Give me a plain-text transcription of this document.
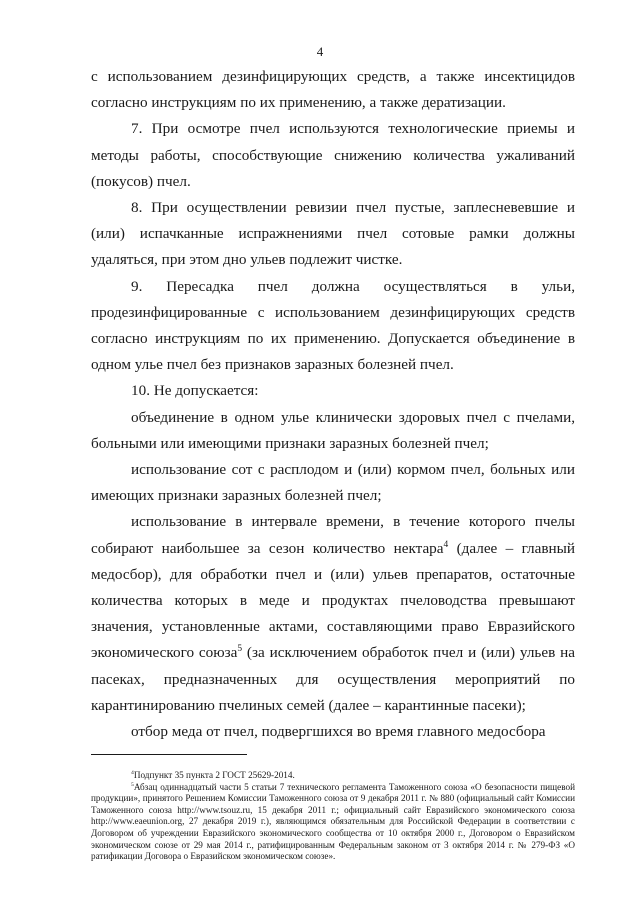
4

с использованием дезинфицирующих средств, а также инсектицидов согласно инструкциям по их применению, а также дератизации.

7. При осмотре пчел используются технологические приемы и методы работы, способствующие снижению количества ужаливаний (покусов) пчел.

8. При осуществлении ревизии пчел пустые, заплесневевшие и (или) испачканные испражнениями пчел сотовые рамки должны удаляться, при этом дно ульев подлежит чистке.

9. Пересадка пчел должна осуществляться в ульи, продезинфицированные с использованием дезинфицирующих средств согласно инструкциям по их применению. Допускается объединение в одном улье пчел без признаков заразных болезней пчел.

10. Не допускается:

объединение в одном улье клинически здоровых пчел с пчелами, больными или имеющими признаки заразных болезней пчел;

использование сот с расплодом и (или) кормом пчел, больных или имеющих признаки заразных болезней пчел;

использование в интервале времени, в течение которого пчелы собирают наибольшее за сезон количество нектара$^4$ (далее – главный медосбор), для обработки пчел и (или) ульев препаратов, остаточные количества которых в меде и продуктах пчеловодства превышают значения, установленные актами, составляющими право Евразийского экономического союза$^5$ (за исключением обработок пчел и (или) ульев на пасеках, предназначенных для осуществления мероприятий по карантинированию пчелиных семей (далее – карантинные пасеки);

отбор меда от пчел, подвергшихся во время главного медосбора

$^4$Подпункт 35 пункта 2 ГОСТ 25629-2014.

$^5$Абзац одиннадцатый части 5 статьи 7 технического регламента Таможенного союза «О безопасности пищевой продукции», принятого Решением Комиссии Таможенного союза от 9 декабря 2011 г. № 880 (официальный сайт Комиссии Таможенного союза http://www.tsouz.ru, 15 декабря 2011 г.; официальный сайт Евразийского экономического союза http://www.eaeunion.org, 27 декабря 2019 г.), являющимся обязательным для Российской Федерации в соответствии с Договором об учреждении Евразийского экономического сообщества от 10 октября 2000 г., Договором о Евразийском экономическом союзе от 29 мая 2014 г., ратифицированным Федеральным законом от 3 октября 2014 г. № 279-ФЗ «О ратификации Договора о Евразийском экономическом союзе».
